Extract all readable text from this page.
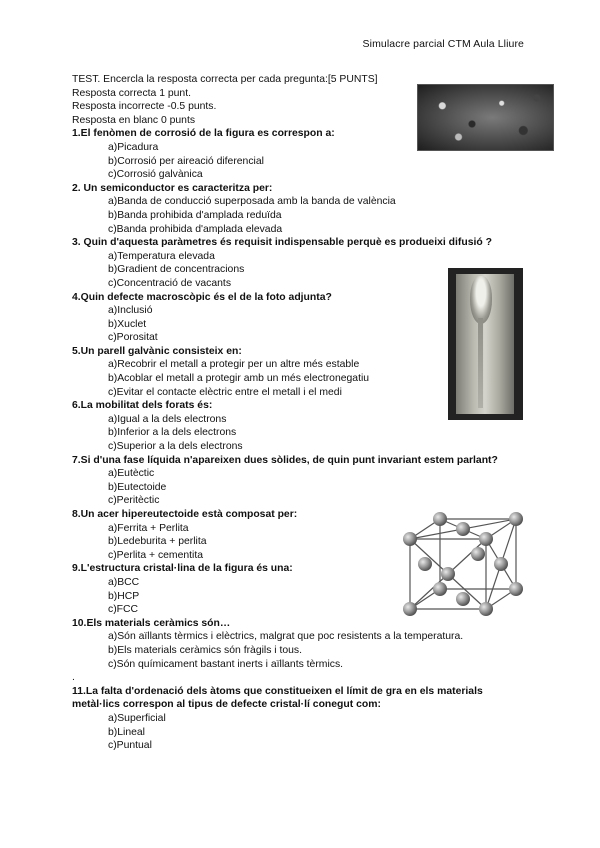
Simulacre parcial CTM Aula Lliure
TEST. Encercla la resposta correcta per cada pregunta:[5 PUNTS]
Resposta correcta 1 punt.
Resposta incorrecte -0.5 punts.
Resposta en blanc 0 punts
1.El fenòmen de corrosió de la figura es correspon a:
a)Picadura
b)Corrosió per aireació diferencial
c)Corrosió galvànica
2. Un semiconductor es caracteritza per:
a)Banda de conducció superposada amb la banda de valència
b)Banda prohibida d'amplada reduïda
c)Banda prohibida d'amplada elevada
3. Quin d'aquesta paràmetres és requisit indispensable perquè es produeixi difusió ?
a)Temperatura elevada
b)Gradient de concentracions
c)Concentració de vacants
4.Quin defecte macroscòpic és el de la foto adjunta?
a)Inclusió
b)Xuclet
c)Porositat
5.Un parell galvànic consisteix en:
a)Recobrir el metall a protegir per un altre més estable
b)Acoblar el metall a protegir amb un més electronegatiu
c)Evitar el contacte elèctric entre el metall i el medi
6.La mobilitat dels forats és:
a)Igual a la dels electrons
b)Inferior a la dels electrons
c)Superior a la dels electrons
7.Si d'una fase líquida n'apareixen dues sòlides, de quin punt invariant estem parlant?
a)Eutèctic
b)Eutectoide
c)Peritèctic
8.Un acer hipereutectoide està composat per:
a)Ferrita + Perlita
b)Ledeburita + perlita
c)Perlita + cementita
9.L'estructura cristal·lina de la figura és una:
a)BCC
b)HCP
c)FCC
10.Els materials ceràmics són…
a)Són aïllants tèrmics i elèctrics, malgrat que poc resistents a la temperatura.
b)Els materials ceràmics són fràgils i tous.
c)Són químicament bastant inerts i aïllants tèrmics.
.
11.La falta d'ordenació dels àtoms que constitueixen el límit de gra en els materials metàl·lics correspon al tipus de defecte cristal·lí conegut com:
a)Superficial
b)Lineal
c)Puntual
